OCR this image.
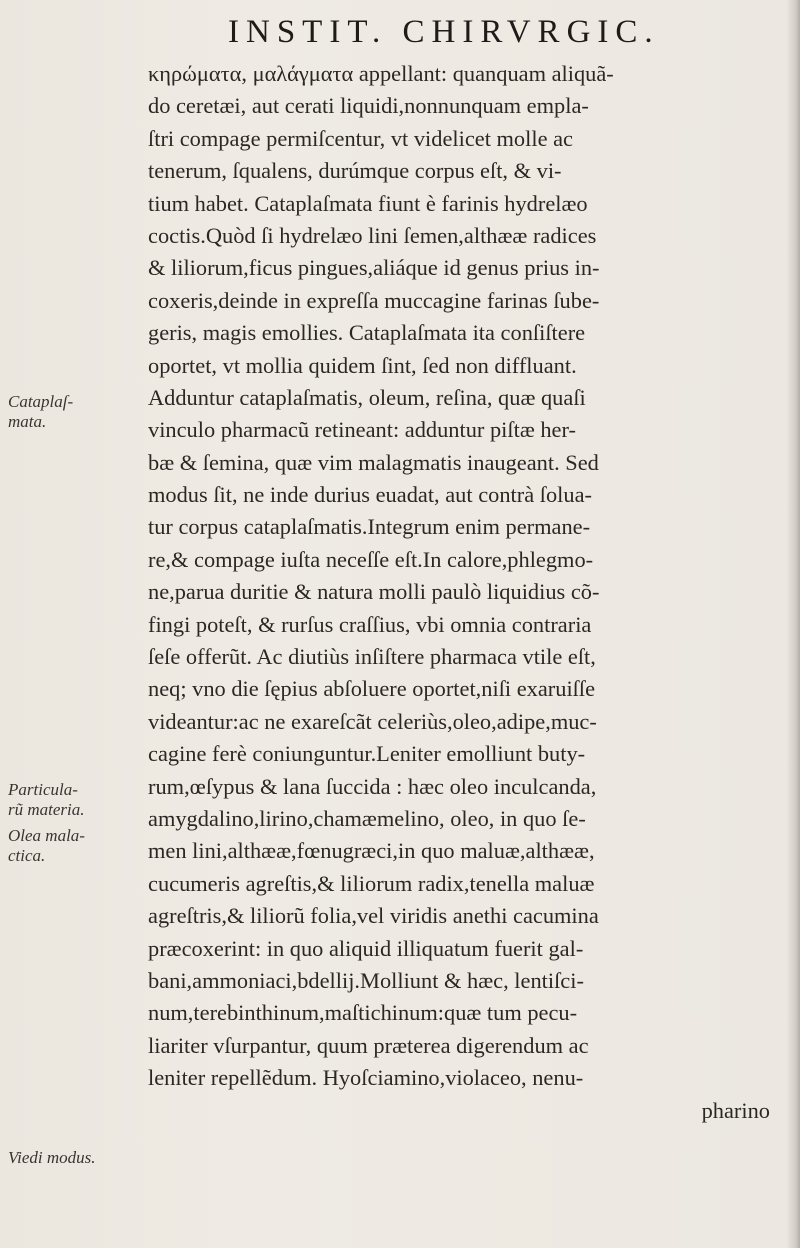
INSTIT. CHIRVRGIC.
κηρώματα, μαλάγματα appellant: quanquam aliquã-
do ceretæi, aut cerati liquidi,nonnunquam empla-
ſtri compage permiſcentur, vt videlicet molle ac
tenerum, ſqualens, durúmque corpus eſt, & vi-
tium habet. Cataplaſmata fiunt è farinis hydrelæo
coctis.Quòd ſi hydrelæo lini ſemen,althææ radices
& liliorum,ficus pingues,aliáque id genus prius in-
coxeris,deinde in expreſſa muccagine farinas ſube-
geris, magis emollies. Cataplaſmata ita conſiſtere
oportet, vt mollia quidem ſint, ſed non diffluant.
Adduntur cataplaſmatis, oleum, reſina, quæ quaſi
vinculo pharmacũ retineant: adduntur piſtæ her-
bæ & ſemina, quæ vim malagmatis inaugeant. Sed
modus ſit, ne inde durius euadat, aut contrà ſolua-
tur corpus cataplaſmatis.Integrum enim permane-
re,& compage iuſta neceſſe eſt.In calore,phlegmo-
ne,parua duritie & natura molli paulò liquidius cõ-
fingi poteſt, & rurſus craſſius, vbi omnia contraria
ſeſe offerũt. Ac diutiùs inſiſtere pharmaca vtile eſt,
neq; vno die ſępius abſoluere oportet,niſi exaruiſſe
videantur:ac ne exareſcãt celeriùs,oleo,adipe,muc-
cagine ferè coniunguntur.Leniter emolliunt buty-
rum,œſypus & lana ſuccida : hæc oleo inculcanda,
amygdalino,lirino,chamæmelino, oleo, in quo ſe-
men lini,althææ,fœnugræci,in quo maluæ,althææ,
cucumeris agreſtis,& liliorum radix,tenella maluæ
agreſtris,& liliorũ folia,vel viridis anethi cacumina
præcoxerint: in quo aliquid illiquatum fuerit gal-
bani,ammoniaci,bdellij.Molliunt & hæc, lentiſci-
num,terebinthinum,maſtichinum:quæ tum pecu-
liariter vſurpantur, quum præterea digerendum ac
leniter repellẽdum. Hyoſciamino,violaceo, nenu-
pharino
Cataplaſ-
mata.
Particula-
rũ materia.
Olea mala-
ctica.
Viedi modus.
